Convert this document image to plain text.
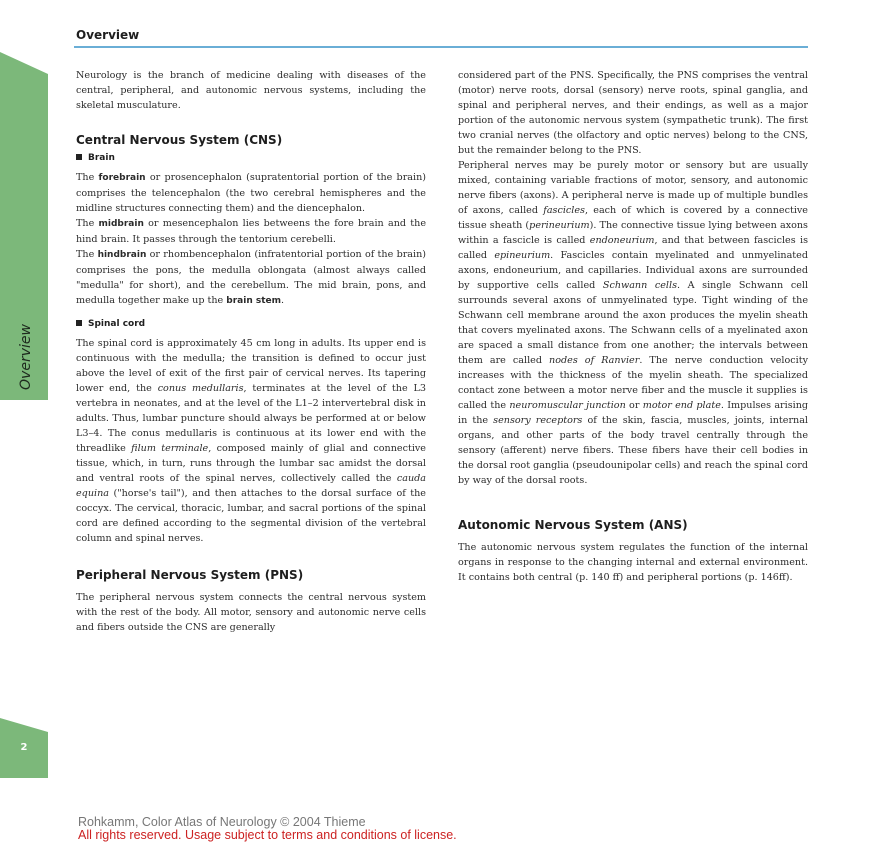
Overview
Overview
2

Neurology is the branch of medicine dealing with diseases of the central, peripheral, and autonomic nervous systems, including the skeletal musculature.

Central Nervous System (CNS)
Brain

The forebrain or prosencephalon (supratentorial portion of the brain) comprises the telencephalon (the two cerebral hemispheres and the midline structures connecting them) and the diencephalon.

The midbrain or mesencephalon lies betweens the fore brain and the hind brain. It passes through the tentorium cerebelli.

The hindbrain or rhombencephalon (infratentorial portion of the brain) comprises the pons, the medulla oblongata (almost always called "medulla" for short), and the cerebellum. The mid brain, pons, and medulla together make up the brain stem.

Spinal cord

The spinal cord is approximately 45 cm long in adults. Its upper end is continuous with the medulla; the transition is defined to occur just above the level of exit of the first pair of cervical nerves. Its tapering lower end, the conus medullaris, terminates at the level of the L3 vertebra in neonates, and at the level of the L1–2 intervertebral disk in adults. Thus, lumbar puncture should always be performed at or below L3–4. The conus medullaris is continuous at its lower end with the threadlike filum terminale, composed mainly of glial and connective tissue, which, in turn, runs through the lumbar sac amidst the dorsal and ventral roots of the spinal nerves, collectively called the cauda equina ("horse's tail"), and then attaches to the dorsal surface of the coccyx. The cervical, thoracic, lumbar, and sacral portions of the spinal cord are defined according to the segmental division of the vertebral column and spinal nerves.

Peripheral Nervous System (PNS)

The peripheral nervous system connects the central nervous system with the rest of the body. All motor, sensory and autonomic nerve cells and fibers outside the CNS are generally

considered part of the PNS. Specifically, the PNS comprises the ventral (motor) nerve roots, dorsal (sensory) nerve roots, spinal ganglia, and spinal and peripheral nerves, and their endings, as well as a major portion of the autonomic nervous system (sympathetic trunk). The first two cranial nerves (the olfactory and optic nerves) belong to the CNS, but the remainder belong to the PNS.

Peripheral nerves may be purely motor or sensory but are usually mixed, containing variable fractions of motor, sensory, and autonomic nerve fibers (axons). A peripheral nerve is made up of multiple bundles of axons, called fascicles, each of which is covered by a connective tissue sheath (perineurium). The connective tissue lying between axons within a fascicle is called endoneurium, and that between fascicles is called epineurium. Fascicles contain myelinated and unmyelinated axons, endoneurium, and capillaries. Individual axons are surrounded by supportive cells called Schwann cells. A single Schwann cell surrounds several axons of unmyelinated type. Tight winding of the Schwann cell membrane around the axon produces the myelin sheath that covers myelinated axons. The Schwann cells of a myelinated axon are spaced a small distance from one another; the intervals between them are called nodes of Ranvier. The nerve conduction velocity increases with the thickness of the myelin sheath. The specialized contact zone between a motor nerve fiber and the muscle it supplies is called the neuromuscular junction or motor end plate. Impulses arising in the sensory receptors of the skin, fascia, muscles, joints, internal organs, and other parts of the body travel centrally through the sensory (afferent) nerve fibers. These fibers have their cell bodies in the dorsal root ganglia (pseudounipolar cells) and reach the spinal cord by way of the dorsal roots.

Autonomic Nervous System (ANS)

The autonomic nervous system regulates the function of the internal organs in response to the changing internal and external environment. It contains both central (p. 140 ff) and peripheral portions (p. 146ff).

Rohkamm, Color Atlas of Neurology © 2004 Thieme
All rights reserved. Usage subject to terms and conditions of license.
